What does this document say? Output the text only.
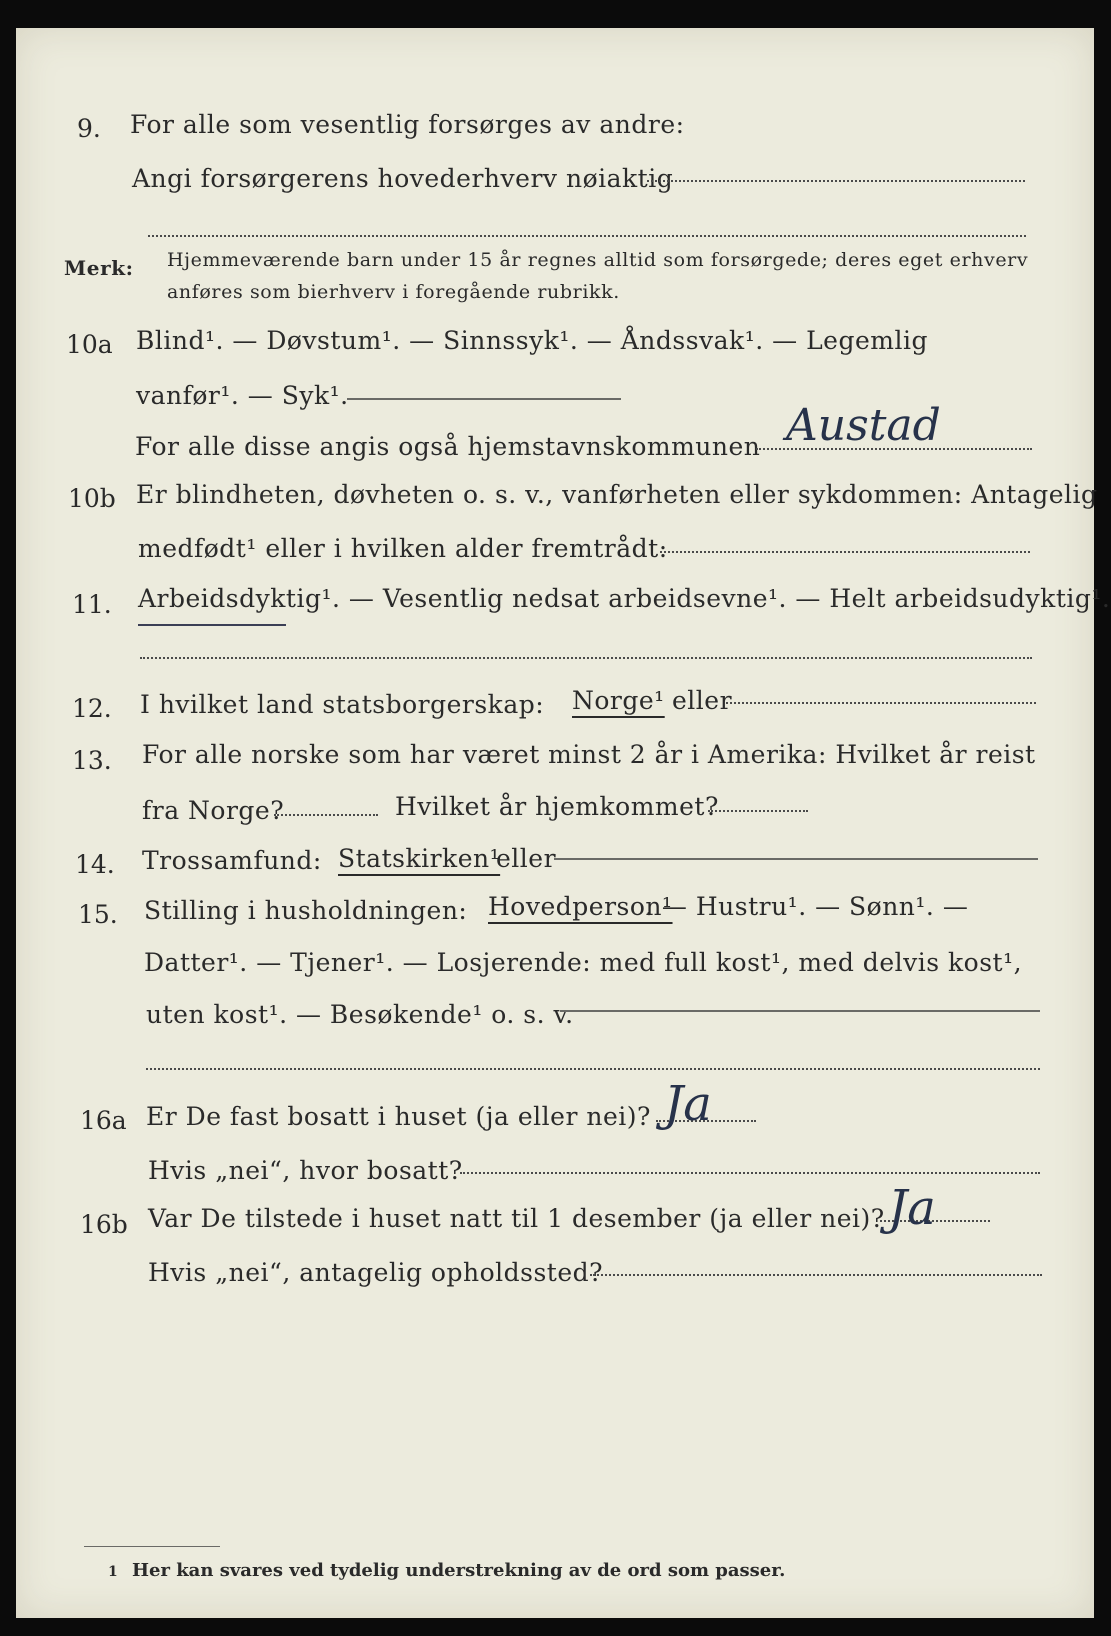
9. For alle som vesentlig forsørges av andre:
Angi forsørgerens hovederhverv nøiaktig
Merk: Hjemmeværende barn under 15 år regnes alltid som forsørgede; deres eget erhverv
anføres som bierhverv i foregående rubrikk.
10a Blind¹. — Døvstum¹. — Sinnssyk¹. — Åndssvak¹. — Legemlig
vanfør¹. — Syk¹.
For alle disse angis også hjemstavnskommunen Austad
10b Er blindheten, døvheten o. s. v., vanførheten eller sykdommen: Antagelig
medfødt¹ eller i hvilken alder fremtrådt:
11. Arbeidsdyktig¹. — Vesentlig nedsat arbeidsevne¹. — Helt arbeidsudyktig¹.
12. I hvilket land statsborgerskap: Norge¹ eller
13. For alle norske som har været minst 2 år i Amerika: Hvilket år reist
fra Norge?	Hvilket år hjemkommet?
14. Trossamfund: Statskirken¹
eller
15. Stilling i husholdningen: Hovedperson¹
. — Hustru¹. — Sønn¹. —
Datter¹. — Tjener¹. — Losjerende: med full kost¹, med delvis kost¹,
uten kost¹. — Besøkende¹ o. s. v.
16a Er De fast bosatt i huset (ja eller nei)? Ja
Hvis „nei“, hvor bosatt?
16b Var De tilstede i huset natt til 1 desember (ja eller nei)? Ja
Hvis „nei“, antagelig opholdssted?
1 Her kan svares ved tydelig understrekning av de ord som passer.
